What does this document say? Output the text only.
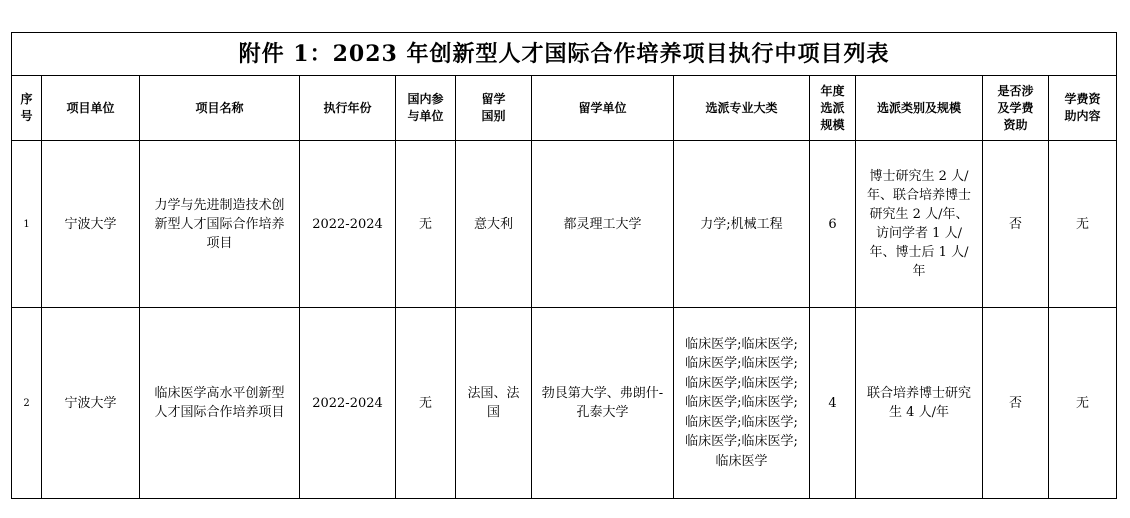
附件 1：2023 年创新型人才国际合作培养项目执行中项目列表											
序号	项目单位	项目名称	执行年份	国内参与单位	留学国别	留学单位	选派专业大类	年度选派规模	选派类别及规模	是否涉及学费资助	学费资助内容
1	宁波大学	力学与先进制造技术创新型人才国际合作培养项目	2022-2024	无	意大利	都灵理工大学	力学;机械工程	6	博士研究生 2 人/年、联合培养博士研究生 2 人/年、访问学者 1 人/年、博士后 1 人/年	否	无
2	宁波大学	临床医学高水平创新型人才国际合作培养项目	2022-2024	无	法国、法国	勃艮第大学、弗朗什-孔泰大学	临床医学;临床医学;临床医学;临床医学;临床医学;临床医学;临床医学;临床医学;临床医学;临床医学;临床医学;临床医学;临床医学	4	联合培养博士研究生 4 人/年	否	无
